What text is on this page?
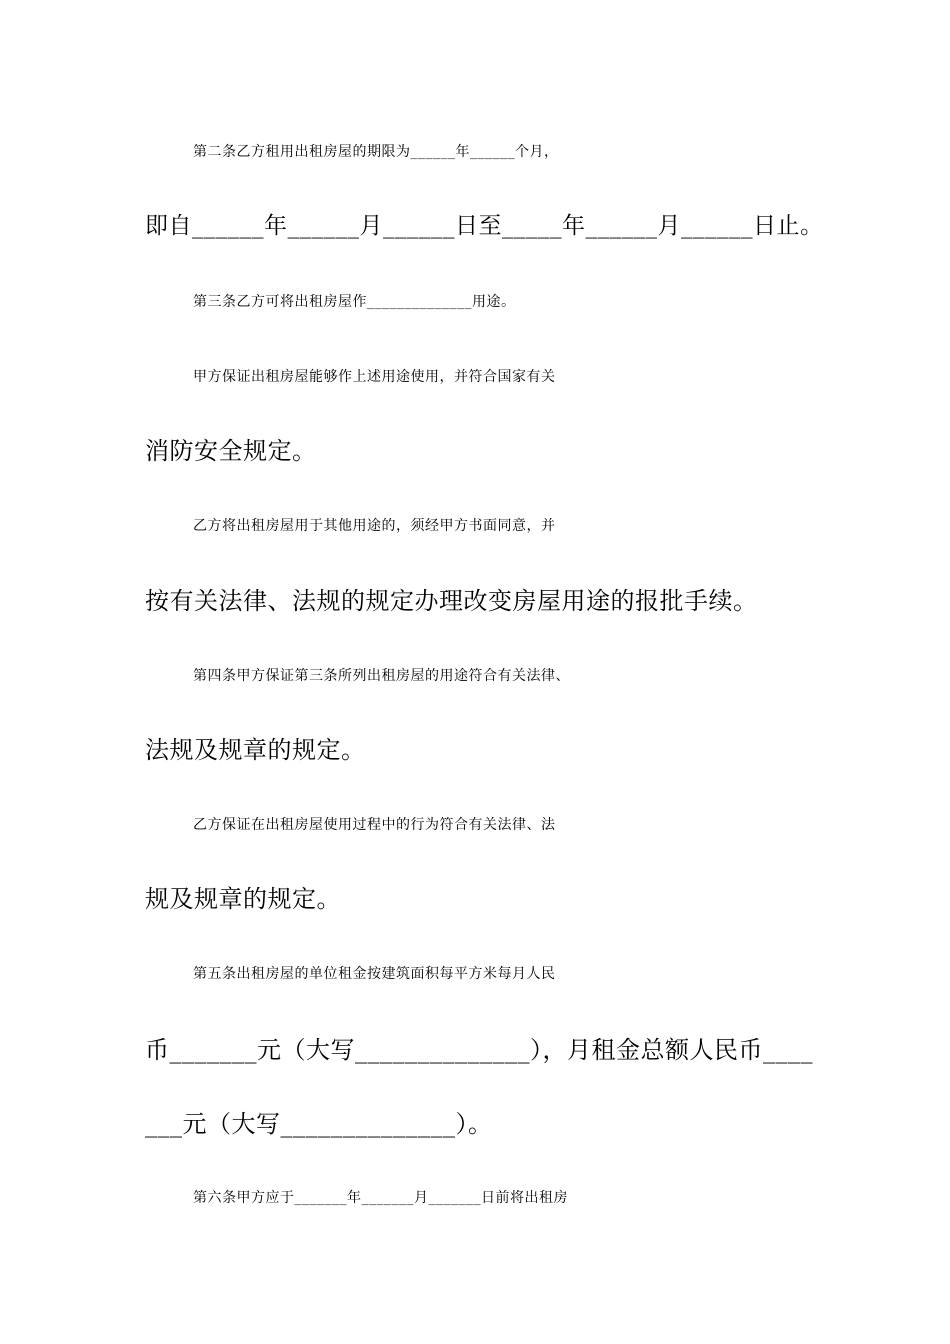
第二条乙方租用出租房屋的期限为______年______个月，
即自______年______月______日至_____年______月______日止。
第三条乙方可将出租房屋作______________用途。
甲方保证出租房屋能够作上述用途使用，并符合国家有关
消防安全规定。
乙方将出租房屋用于其他用途的，须经甲方书面同意，并
按有关法律、法规的规定办理改变房屋用途的报批手续。
第四条甲方保证第三条所列出租房屋的用途符合有关法律、
法规及规章的规定。
乙方保证在出租房屋使用过程中的行为符合有关法律、法
规及规章的规定。
第五条出租房屋的单位租金按建筑面积每平方米每月人民
币_______元（大写______________），月租金总额人民币____
___元（大写______________）。
第六条甲方应于_______年_______月_______日前将出租房
